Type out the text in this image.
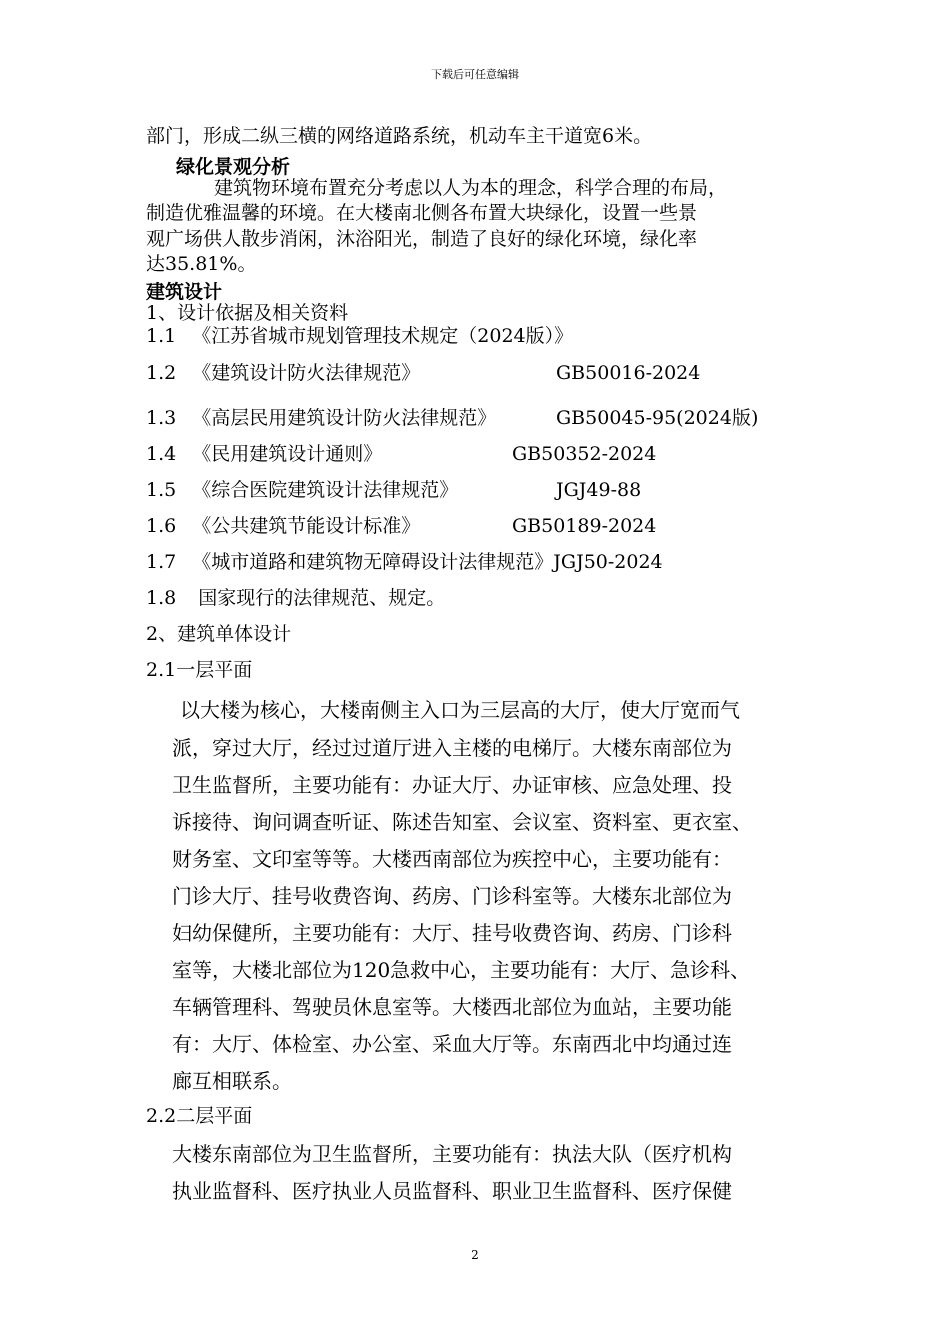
下载后可任意编辑
部门，形成二纵三横的网络道路系统，机动车主干道宽6米。
绿化景观分析
建筑物环境布置充分考虑以人为本的理念，科学合理的布局，
制造优雅温馨的环境。在大楼南北侧各布置大块绿化，设置一些景
观广场供人散步消闲，沐浴阳光，制造了良好的绿化环境，绿化率
达35.81%。
建筑设计
1、设计依据及相关资料
1.1 《江苏省城市规划管理技术规定（2024版）》
1.2 《建筑设计防火法律规范》	GB50016-2024
1.3 《高层民用建筑设计防火法律规范》	GB50045-95(2024版)
1.4 《民用建筑设计通则》	GB50352-2024
1.5 《综合医院建筑设计法律规范》	JGJ49-88
1.6 《公共建筑节能设计标准》	GB50189-2024
1.7 《城市道路和建筑物无障碍设计法律规范》JGJ50-2024
1.8 国家现行的法律规范、规定。
2、建筑单体设计
2.1一层平面
以大楼为核心，大楼南侧主入口为三层高的大厅，使大厅宽而气
派，穿过大厅，经过过道厅进入主楼的电梯厅。大楼东南部位为
卫生监督所，主要功能有：办证大厅、办证审核、应急处理、投
诉接待、询问调查听证、陈述告知室、会议室、资料室、更衣室、
财务室、文印室等等。大楼西南部位为疾控中心，主要功能有：
门诊大厅、挂号收费咨询、药房、门诊科室等。大楼东北部位为
妇幼保健所，主要功能有：大厅、挂号收费咨询、药房、门诊科
室等，大楼北部位为120急救中心，主要功能有：大厅、急诊科、
车辆管理科、驾驶员休息室等。大楼西北部位为血站，主要功能
有：大厅、体检室、办公室、采血大厅等。东南西北中均通过连
廊互相联系。
2.2二层平面
大楼东南部位为卫生监督所，主要功能有：执法大队（医疗机构
执业监督科、医疗执业人员监督科、职业卫生监督科、医疗保健
2
